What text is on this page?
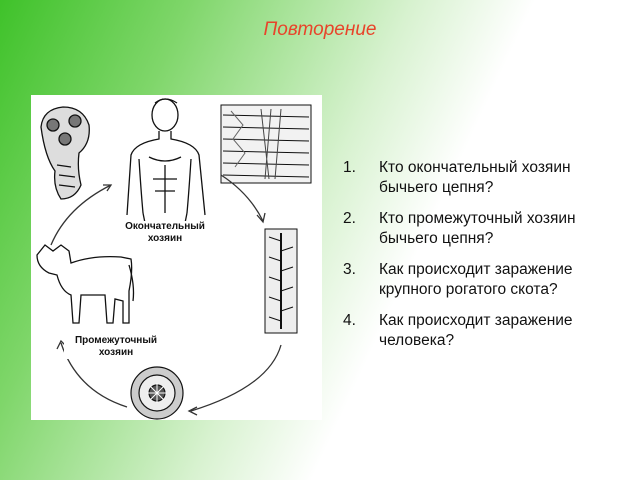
Повторение
Окончательный
хозяин
Промежуточный
хозяин
1. Кто окончательный хозяин бычьего цепня?
2. Кто промежуточный хозяин бычьего цепня?
3. Как происходит заражение крупного рогатого скота?
4. Как происходит заражение человека?
